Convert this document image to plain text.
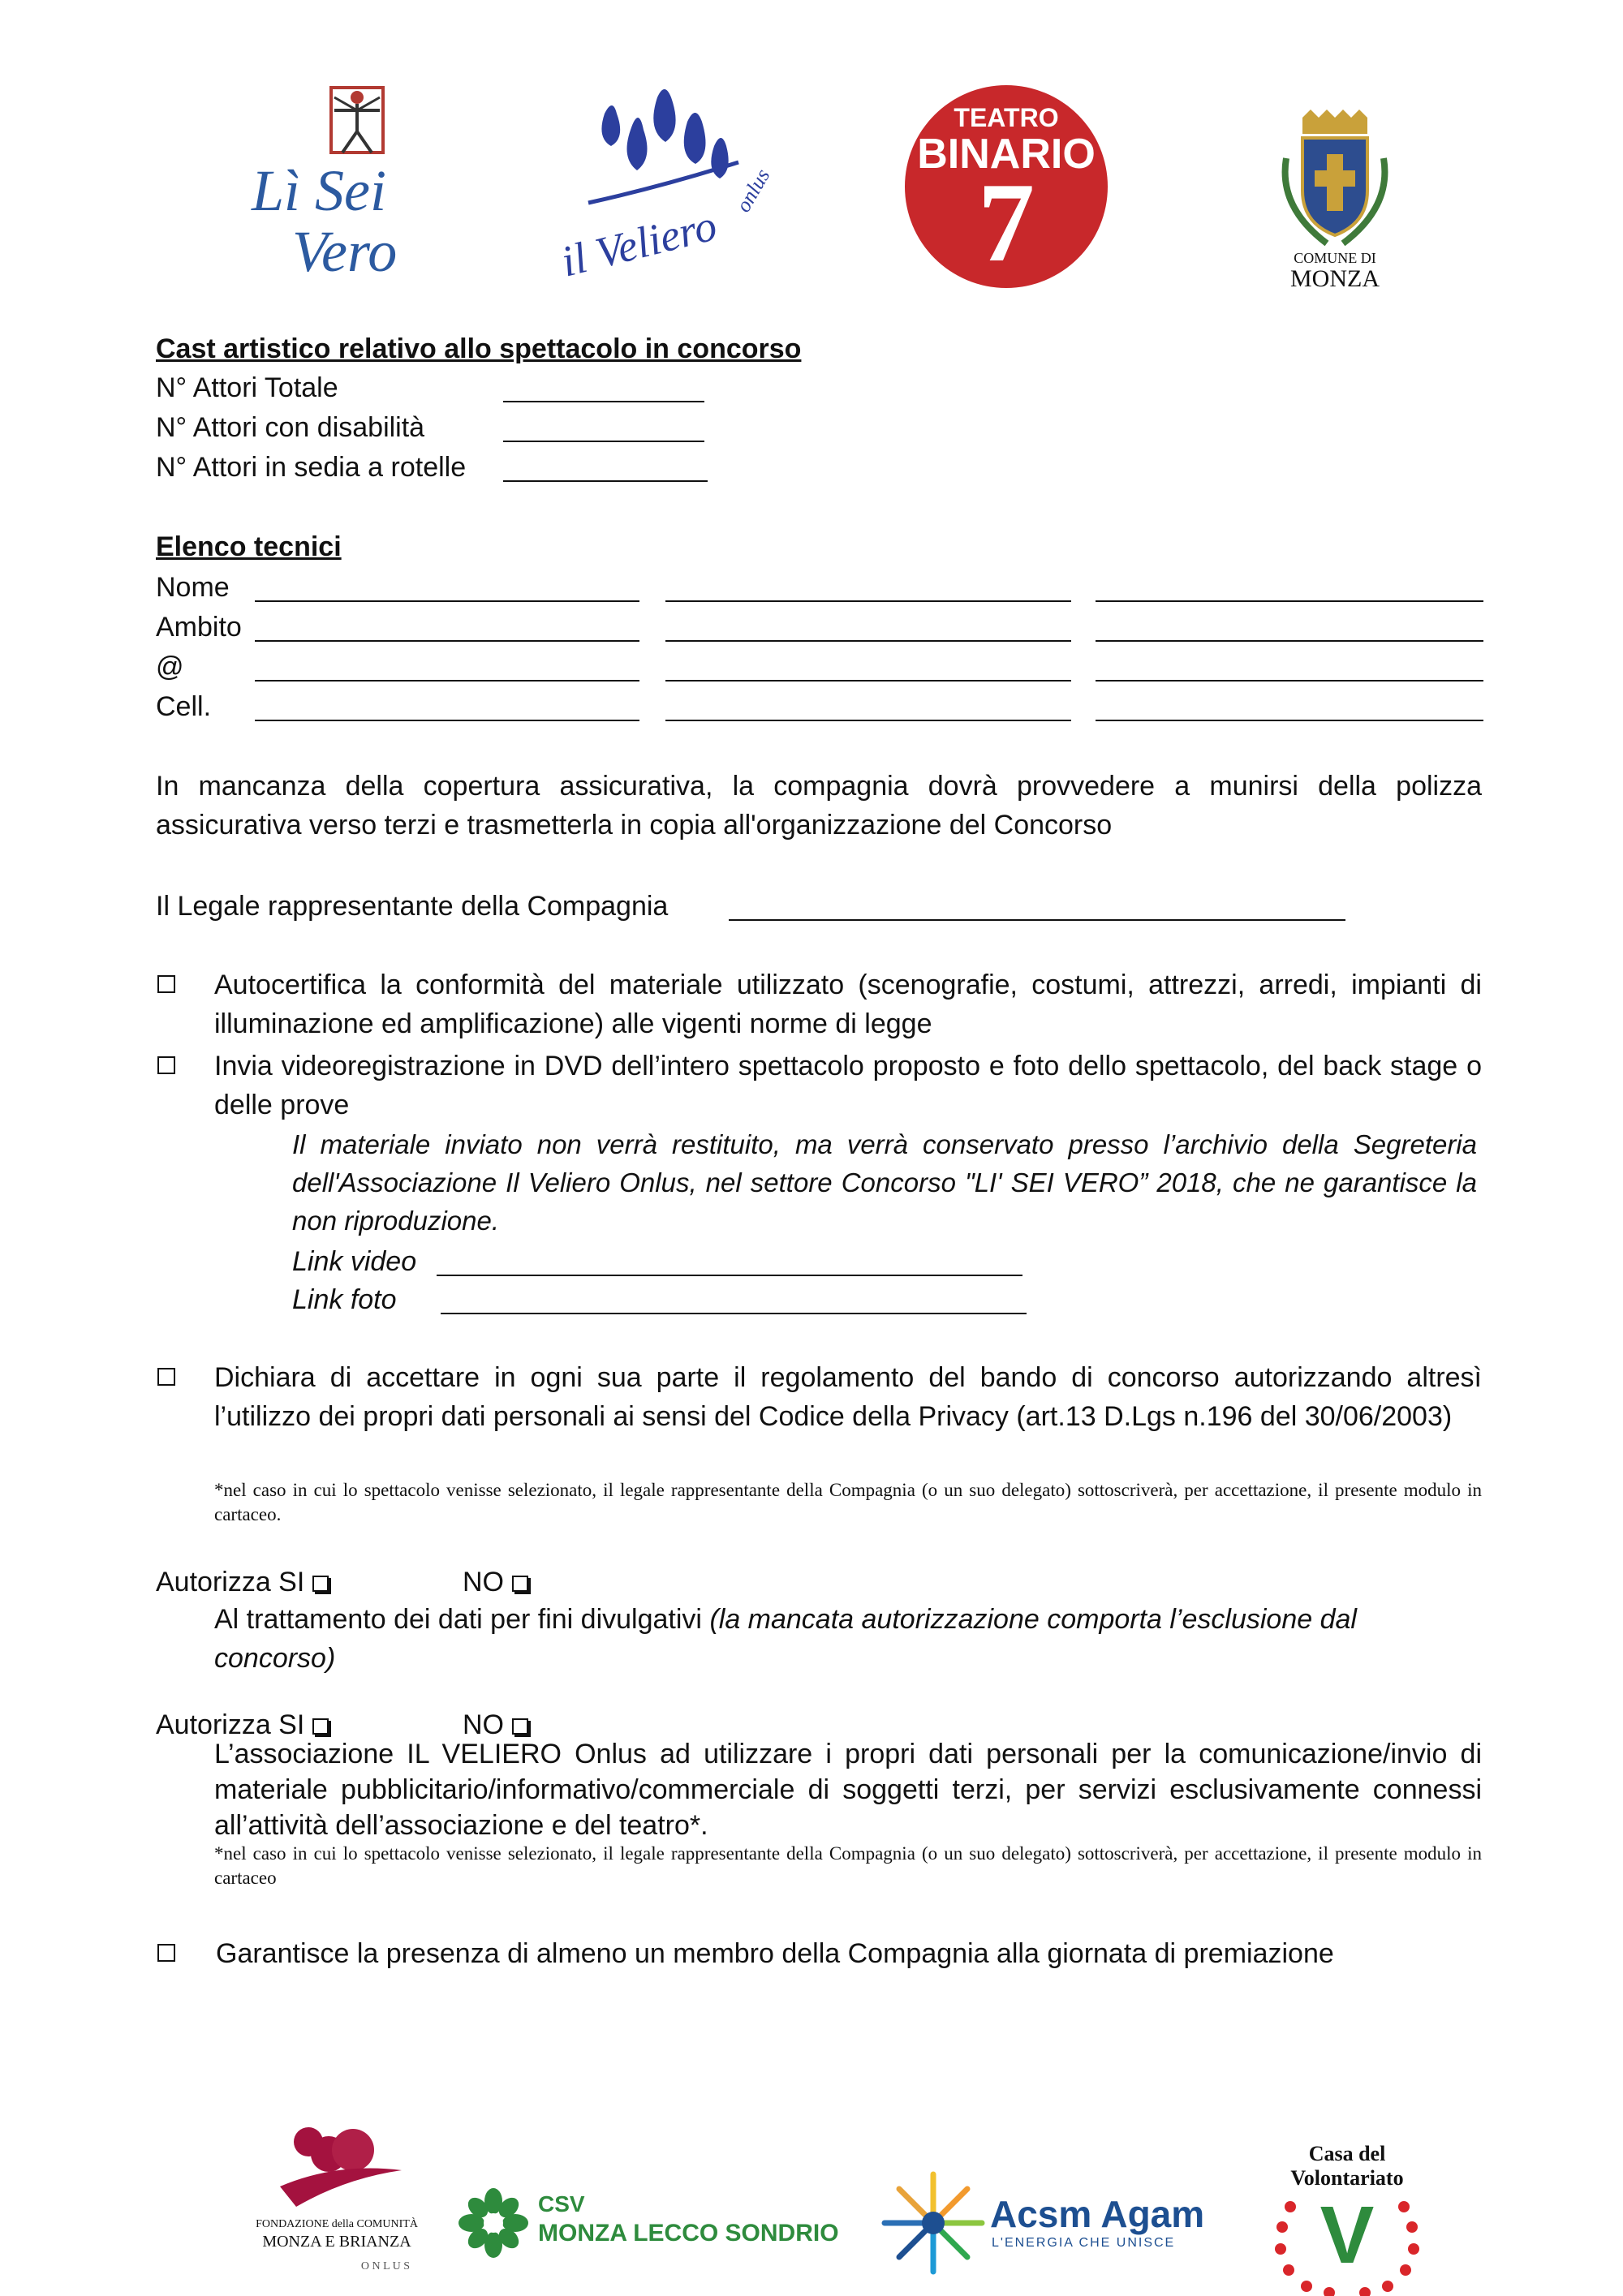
Lì Sei
Vero	il Veliero
onlus
TEATRO
BINARIO
7	COMUNE DI
MONZA
Cast artistico relativo allo spettacolo in concorso
N° Attori Totale
N° Attori con disabilità
N° Attori in sedia a rotelle
Elenco tecnici
Nome
Ambito
@
Cell.
In mancanza della copertura assicurativa, la compagnia dovrà provvedere a munirsi della polizza assicurativa verso terzi e trasmetterla in copia all'organizzazione del Concorso
Il Legale rappresentante della Compagnia
Autocertifica la conformità del materiale utilizzato (scenografie, costumi, attrezzi, arredi, impianti di illuminazione ed amplificazione) alle vigenti norme di legge
Invia videoregistrazione in DVD dell’intero spettacolo proposto e foto dello spettacolo, del back stage o delle prove
Il materiale inviato non verrà restituito, ma verrà conservato presso l’archivio della Segreteria dell'Associazione Il Veliero Onlus, nel settore Concorso "LI' SEI VERO” 2018, che ne garantisce la non riproduzione.
Link video
Link foto
Dichiara di accettare in ogni sua parte il regolamento del bando di concorso autorizzando altresì l’utilizzo dei propri dati personali ai sensi del Codice della Privacy (art.13 D.Lgs n.196 del 30/06/2003)
*nel caso in cui lo spettacolo venisse selezionato, il legale rappresentante della Compagnia (o un suo delegato) sottoscriverà, per accettazione, il presente modulo in cartaceo.
Autorizza SI	NO
Al trattamento dei dati per fini divulgativi (la mancata autorizzazione comporta l’esclusione dal concorso)
Autorizza SI	NO
L’associazione IL VELIERO Onlus ad utilizzare i propri dati personali per la comunicazione/invio di materiale pubblicitario/informativo/commerciale di soggetti terzi, per servizi esclusivamente connessi all’attività dell’associazione e del teatro*.
*nel caso in cui lo spettacolo venisse selezionato, il legale rappresentante della Compagnia (o un suo delegato) sottoscriverà, per accettazione, il presente modulo in cartaceo
Garantisce la presenza di almeno un membro della Compagnia alla giornata di premiazione
FONDAZIONE della COMUNITÀ
MONZA E BRIANZA
O N L U S
CSV
MONZA LECCO SONDRIO	Acsm Agam
L'ENERGIA CHE UNISCE
Casa del
Volontariato
V
